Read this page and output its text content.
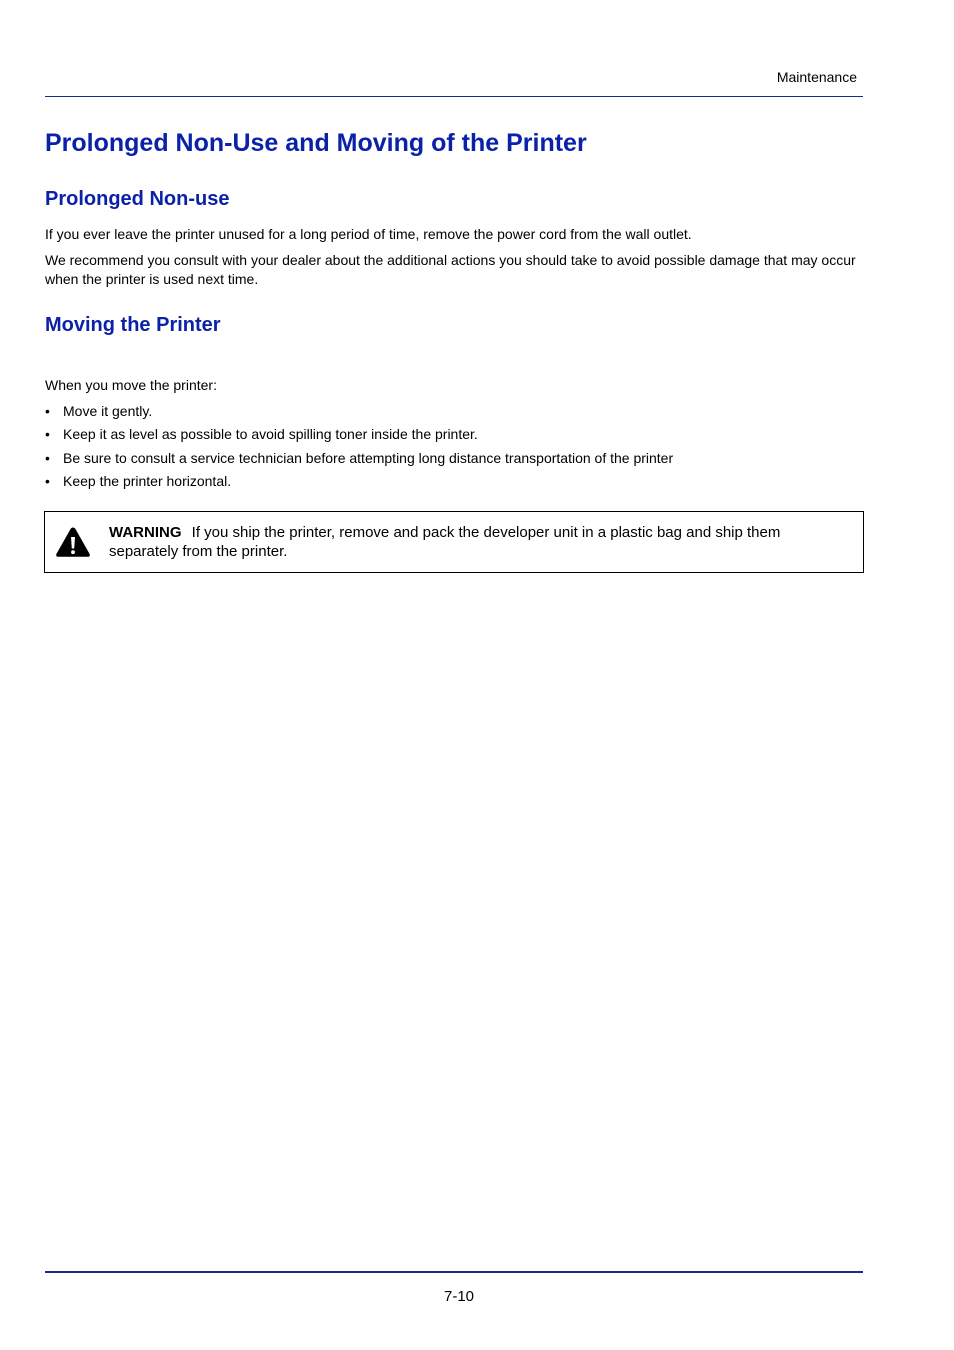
Maintenance
Prolonged Non-Use and Moving of the Printer
Prolonged Non-use

If you ever leave the printer unused for a long period of time, remove the power cord from the wall outlet.

We recommend you consult with your dealer about the additional actions you should take to avoid possible damage that may occur when the printer is used next time.

Moving the Printer

When you move the printer:

• Move it gently.
• Keep it as level as possible to avoid spilling toner inside the printer.
• Be sure to consult a service technician before attempting long distance transportation of the printer
• Keep the printer horizontal.

WARNING If you ship the printer, remove and pack the developer unit in a plastic bag and ship them separately from the printer.

7-10
